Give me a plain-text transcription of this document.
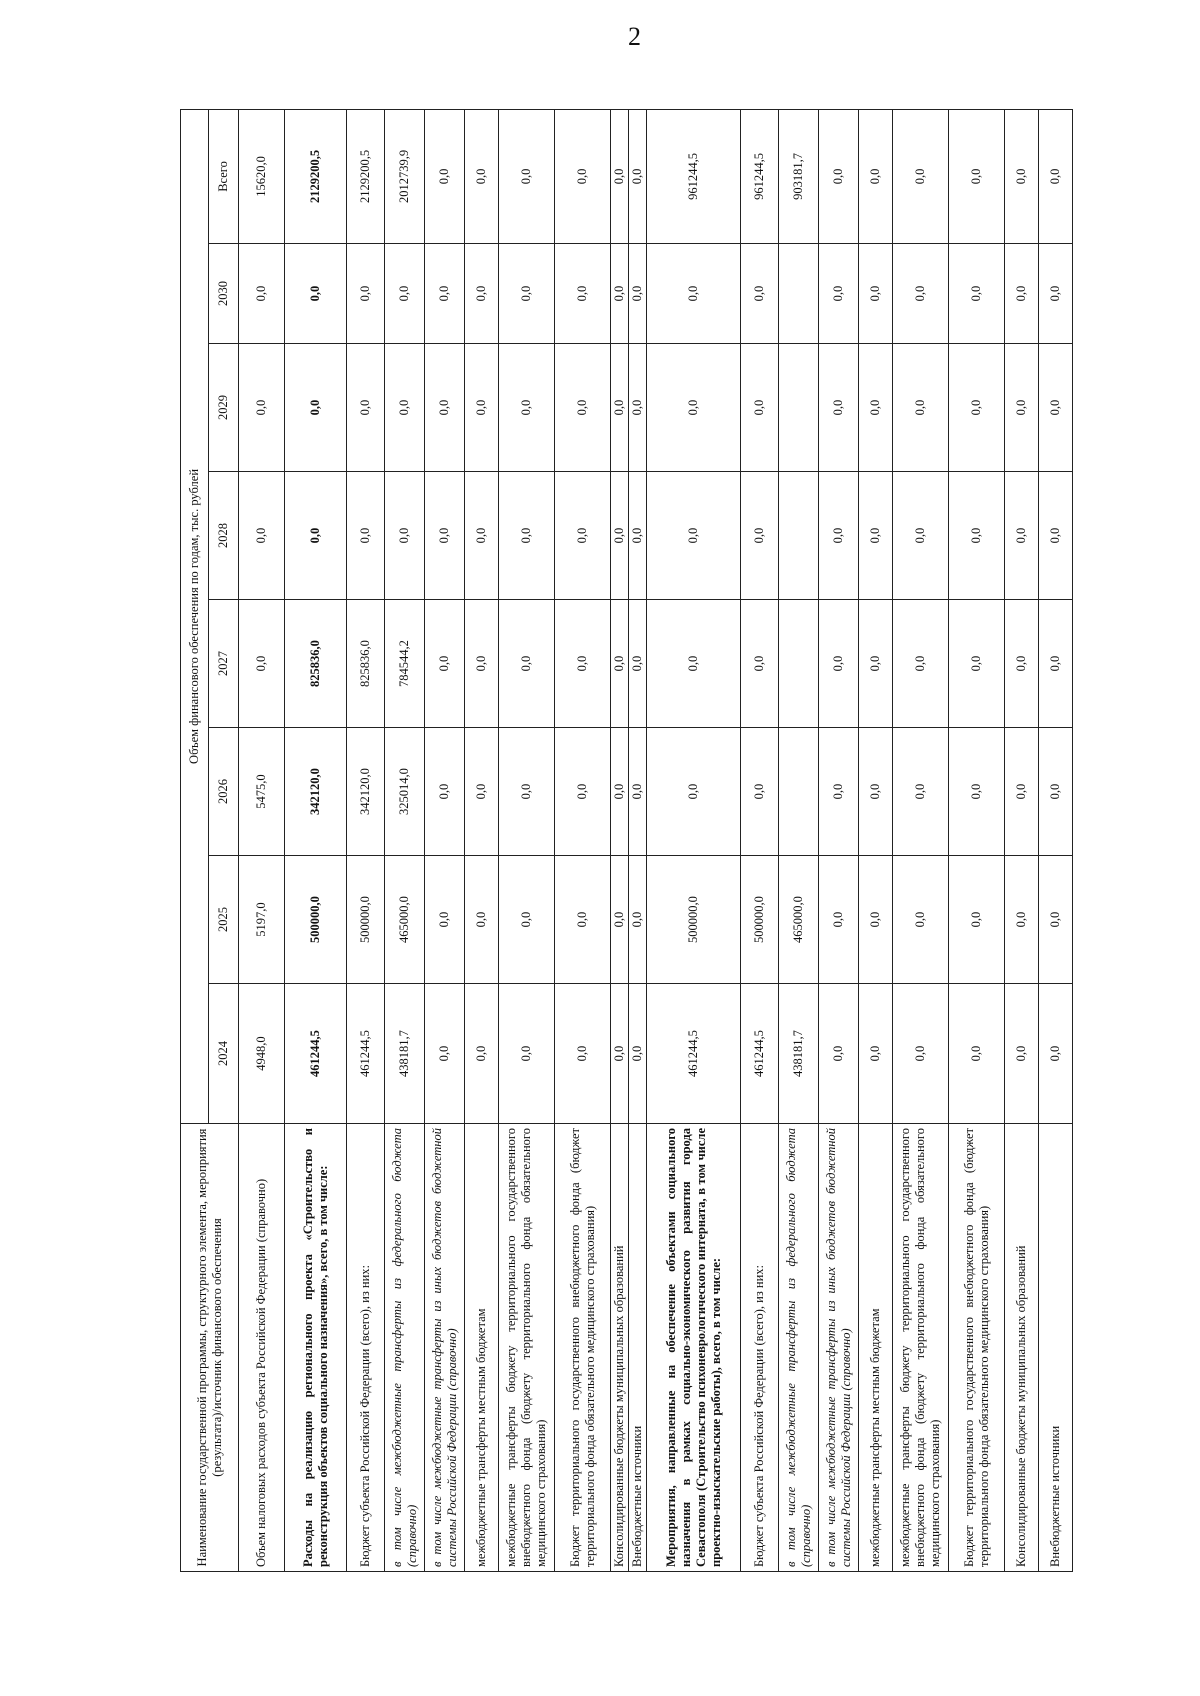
2
Наименование государственной программы, структурного элемента, мероприятия (результата)/источник финансового обеспечения	Объем финансового обеспечения по годам, тыс. рублей							
	2024	2025	2026	2027	2028	2029	2030	Всего
Объем налоговых расходов субъекта Российской Федерации (справочно)	4948,0	5197,0	5475,0	0,0	0,0	0,0	0,0	15620,0
Расходы на реализацию регионального проекта «Строительство и реконструкция объектов социального назначения», всего, в том числе:	461244,5	500000,0	342120,0	825836,0	0,0	0,0	0,0	2129200,5
Бюджет субъекта Российской Федерации (всего), из них:	461244,5	500000,0	342120,0	825836,0	0,0	0,0	0,0	2129200,5
в том числе межбюджетные трансферты из федерального бюджета (справочно)	438181,7	465000,0	325014,0	784544,2	0,0	0,0	0,0	2012739,9
в том числе межбюджетные трансферты из иных бюджетов бюджетной системы Российской Федерации (справочно)	0,0	0,0	0,0	0,0	0,0	0,0	0,0	0,0
межбюджетные трансферты местным бюджетам	0,0	0,0	0,0	0,0	0,0	0,0	0,0	0,0
межбюджетные трансферты бюджету территориального государственного внебюджетного фонда (бюджету территориального фонда обязательного медицинского страхования)	0,0	0,0	0,0	0,0	0,0	0,0	0,0	0,0
Бюджет территориального государственного внебюджетного фонда (бюджет территориального фонда обязательного медицинского страхования)	0,0	0,0	0,0	0,0	0,0	0,0	0,0	0,0
Консолидированные бюджеты муниципальных образований	0,0	0,0	0,0	0,0	0,0	0,0	0,0	0,0
Внебюджетные источники	0,0	0,0	0,0	0,0	0,0	0,0	0,0	0,0
Мероприятия, направленные на обеспечение объектами социального назначения в рамках социально-экономического развития города Севастополя (Строительство психоневрологического интерната, в том числе проектно-изыскательские работы), всего, в том числе:	461244,5	500000,0	0,0	0,0	0,0	0,0	0,0	961244,5
Бюджет субъекта Российской Федерации (всего), из них:	461244,5	500000,0	0,0	0,0	0,0	0,0	0,0	961244,5
в том числе межбюджетные трансферты из федерального бюджета (справочно)	438181,7	465000,0						903181,7
в том числе межбюджетные трансферты из иных бюджетов бюджетной системы Российской Федерации (справочно)	0,0	0,0	0,0	0,0	0,0	0,0	0,0	0,0
межбюджетные трансферты местным бюджетам	0,0	0,0	0,0	0,0	0,0	0,0	0,0	0,0
межбюджетные трансферты бюджету территориального государственного внебюджетного фонда (бюджету территориального фонда обязательного медицинского страхования)	0,0	0,0	0,0	0,0	0,0	0,0	0,0	0,0
Бюджет территориального государственного внебюджетного фонда (бюджет территориального фонда обязательного медицинского страхования)	0,0	0,0	0,0	0,0	0,0	0,0	0,0	0,0
Консолидированные бюджеты муниципальных образований	0,0	0,0	0,0	0,0	0,0	0,0	0,0	0,0
Внебюджетные источники	0,0	0,0	0,0	0,0	0,0	0,0	0,0	0,0
